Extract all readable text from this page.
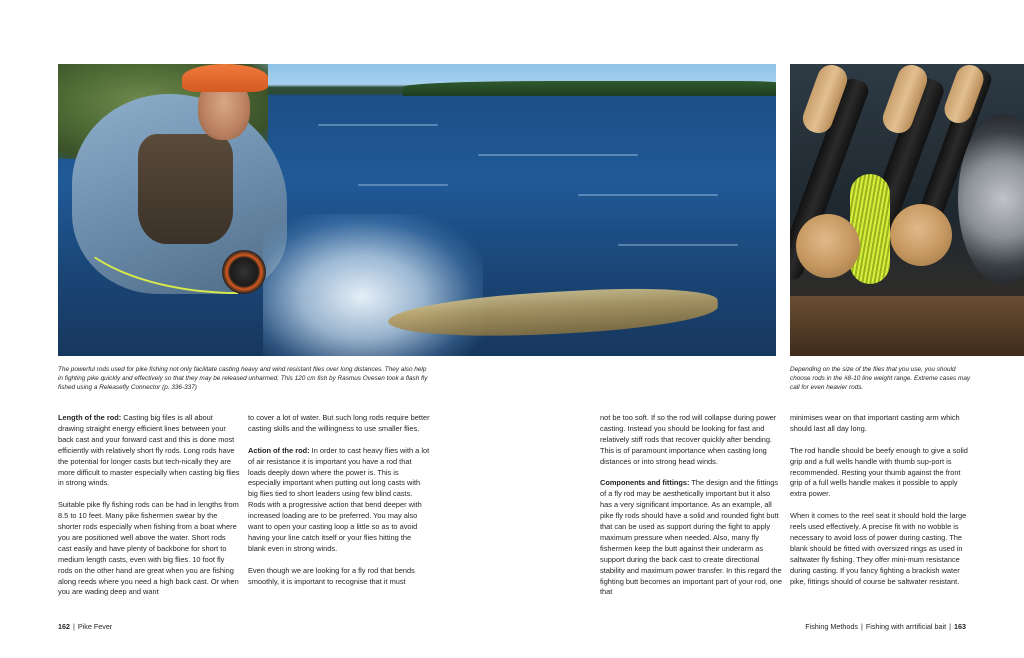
The powerful rods used for pike fishing not only facilitate casting heavy and wind resistant flies over long distances. They also help in fighting pike quickly and effectively so that they may be released unharmed. This 120 cm fish by Rasmus Ovesen took a flash fly fished using a Releasefly Connector (p. 336-337)
Depending on the size of the flies that you use, you should choose rods in the #8-10 line weight range. Extreme cases may call for even heavier rods.

Length of the rod: Casting big files is all about drawing straight energy efficient lines between your back cast and your forward cast and this is done most efficiently with relatively short fly rods. Long rods have the potential for longer casts but tech-nically they are more difficult to master especially when casting big flies in strong winds.

Suitable pike fly fishing rods can be had in lengths from 8.5 to 10 feet. Many pike fishermen swear by the shorter rods especially when fishing from a boat where you are positioned well above the water. Short rods cast easily and have plenty of backbone for short to medium length casts, even with big flies. 10 foot fly rods on the other hand are great when you are fishing along reeds where you need a high back cast. Or when you are wading deep and want

to cover a lot of water. But such long rods require better casting skills and the willingness to use smaller flies.

Action of the rod: In order to cast heavy flies with a lot of air resistance it is important you have a rod that loads deeply down where the power is. This is especially important when putting out long casts with big flies tied to short leaders using few blind casts. Rods with a progressive action that bend deeper with increased loading are to be preferred. You may also want to open your casting loop a little so as to avoid having your line catch itself or your flies hitting the blank even in strong winds.

Even though we are looking for a fly rod that bends smoothly, it is important to recognise that it must

not be too soft. If so the rod will collapse during power casting. Instead you should be looking for fast and relatively stiff rods that recover quickly after bending. This is of paramount importance when casting long distances or into strong head winds.

Components and fittings: The design and the fittings of a fly rod may be aesthetically important but it also has a very significant importance. As an example, all pike fly rods should have a solid and rounded fight butt that can be used as support during the fight to apply maximum pressure when needed. Also, many fly fishermen keep the butt against their underarm as support during the back cast to create directional stability and maximum power transfer. In this regard the fighting butt becomes an important part of your rod, one that

minimises wear on that important casting arm which should last all day long.

The rod handle should be beefy enough to give a solid grip and a full wells handle with thumb sup-port is recommended. Resting your thumb against the front grip of a full wells handle makes it possible to apply extra power.

When it comes to the reel seat it should hold the large reels used effectively. A precise fit with no wobble is necessary to avoid loss of power during casting. The blank should be fitted with oversized rings as used in saltwater fly fishing. They offer mini-mum resistance during casting. If you fancy fighting a brackish water pike, fittings should of course be saltwater resistant.

162 | Pike Fever	Fishing Methods | Fishing with arrtificial bait | 163
